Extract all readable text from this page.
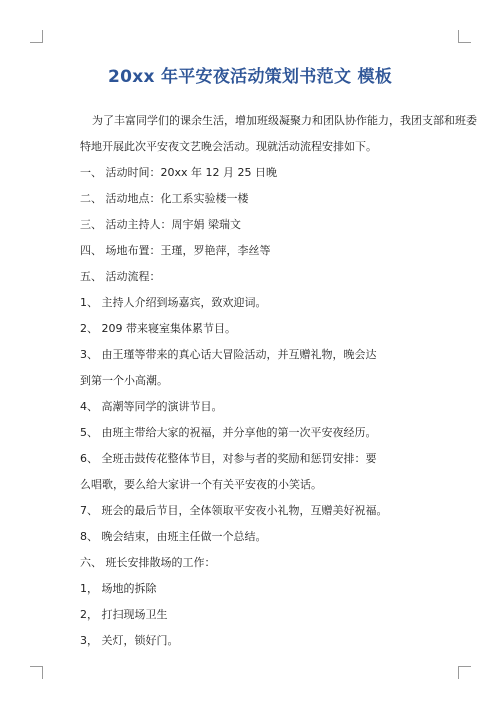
20xx 年平安夜活动策划书范文 模板
为了丰富同学们的课余生活，增加班级凝聚力和团队协作能力，我团支部和班委
特地开展此次平安夜文艺晚会活动。现就活动流程安排如下。
一、 活动时间：20xx 年 12 月 25 日晚
二、 活动地点：化工系实验楼一楼
三、 活动主持人：周宇娟 梁瑞文
四、 场地布置：王瑾，罗艳萍，李丝等
五、 活动流程：
1、 主持人介绍到场嘉宾，致欢迎词。
2、 209 带来寝室集体累节目。
3、 由王瑾等带来的真心话大冒险活动，并互赠礼物，晚会达
到第一个小高潮。
4、 高潮等同学的演讲节目。
5、 由班主带给大家的祝福，并分享他的第一次平安夜经历。
6、 全班击鼓传花整体节目，对参与者的奖励和惩罚安排：要
么唱歌，要么给大家讲一个有关平安夜的小笑话。
7、 班会的最后节目，全体领取平安夜小礼物，互赠美好祝福。
8、 晚会结束，由班主任做一个总结。
六、 班长安排散场的工作：
1， 场地的拆除
2， 打扫现场卫生
3， 关灯，锁好门。
